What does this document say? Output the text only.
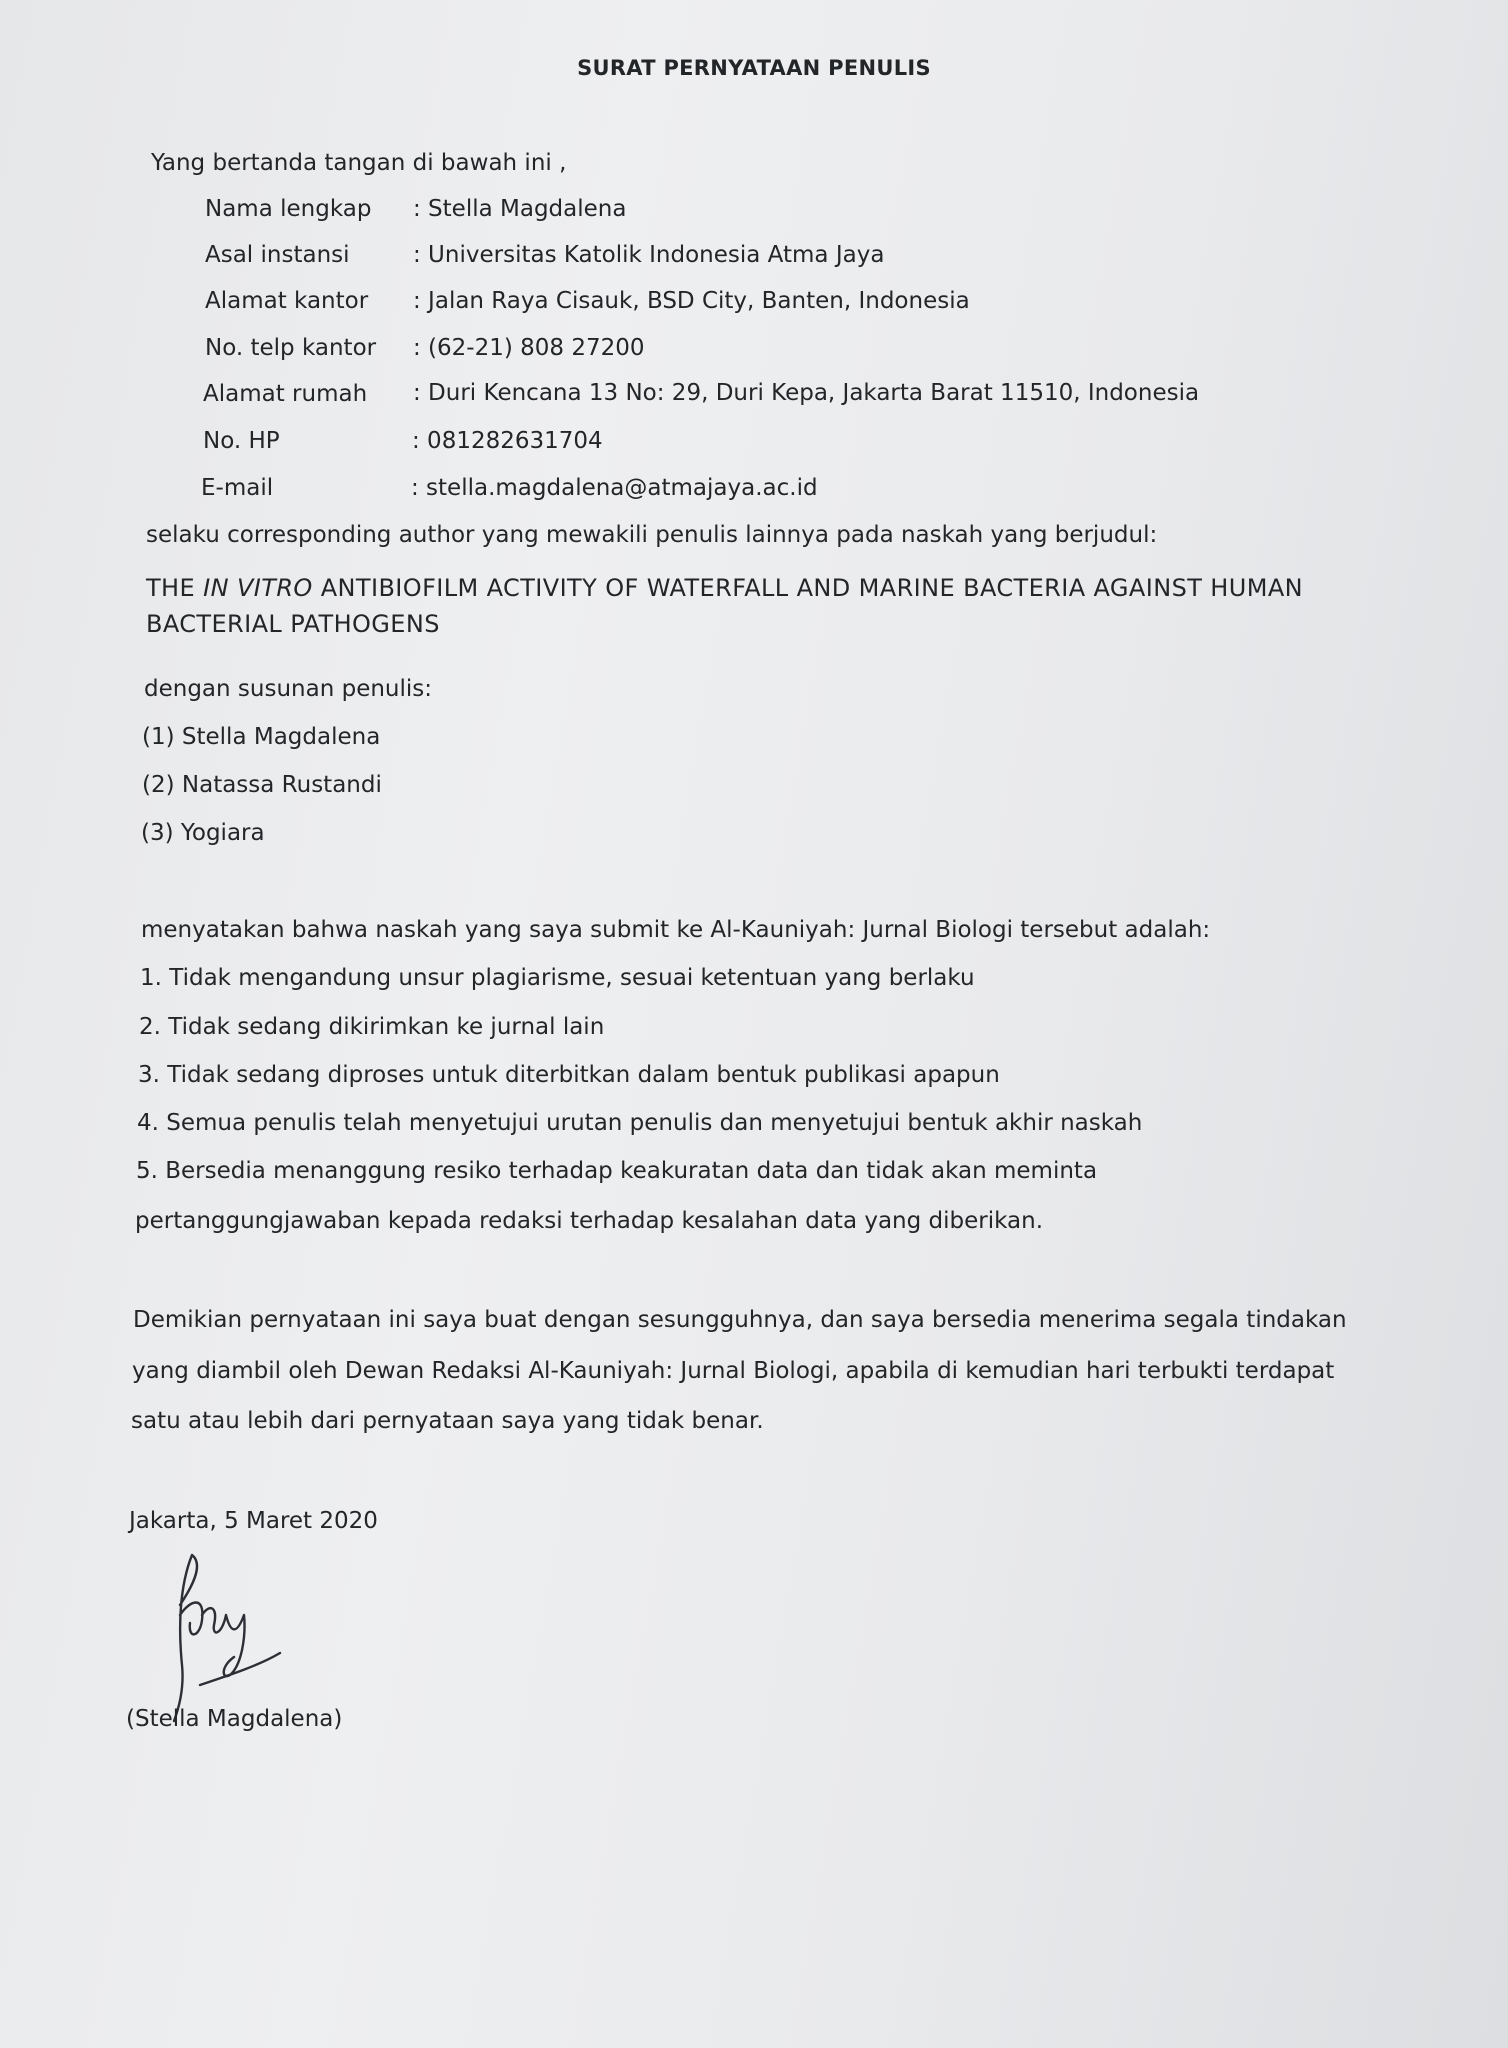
SURAT PERNYATAAN PENULIS
Yang bertanda tangan di bawah ini ,
Nama lengkap : Stella Magdalena
Asal instansi	: Universitas Katolik Indonesia Atma Jaya
Alamat kantor : Jalan Raya Cisauk, BSD City, Banten, Indonesia
No. telp kantor : (62-21) 808 27200
Alamat rumah : Duri Kencana 13 No: 29, Duri Kepa, Jakarta Barat 11510, Indonesia
No. HP	: 081282631704
E-mail	: stella.magdalena@atmajaya.ac.id
selaku corresponding author yang mewakili penulis lainnya pada naskah yang berjudul:
THE IN VITRO ANTIBIOFILM ACTIVITY OF WATERFALL AND MARINE BACTERIA AGAINST HUMAN BACTERIAL PATHOGENS
dengan susunan penulis:
(1) Stella Magdalena
(2) Natassa Rustandi
(3) Yogiara
menyatakan bahwa naskah yang saya submit ke Al-Kauniyah: Jurnal Biologi tersebut adalah:
1. Tidak mengandung unsur plagiarisme, sesuai ketentuan yang berlaku
2. Tidak sedang dikirimkan ke jurnal lain
3. Tidak sedang diproses untuk diterbitkan dalam bentuk publikasi apapun
4. Semua penulis telah menyetujui urutan penulis dan menyetujui bentuk akhir naskah
5. Bersedia menanggung resiko terhadap keakuratan data dan tidak akan meminta
pertanggungjawaban kepada redaksi terhadap kesalahan data yang diberikan.
Demikian pernyataan ini saya buat dengan sesungguhnya, dan saya bersedia menerima segala tindakan
yang diambil oleh Dewan Redaksi Al-Kauniyah: Jurnal Biologi, apabila di kemudian hari terbukti terdapat
satu atau lebih dari pernyataan saya yang tidak benar.
Jakarta, 5 Maret 2020
(Stella Magdalena)
